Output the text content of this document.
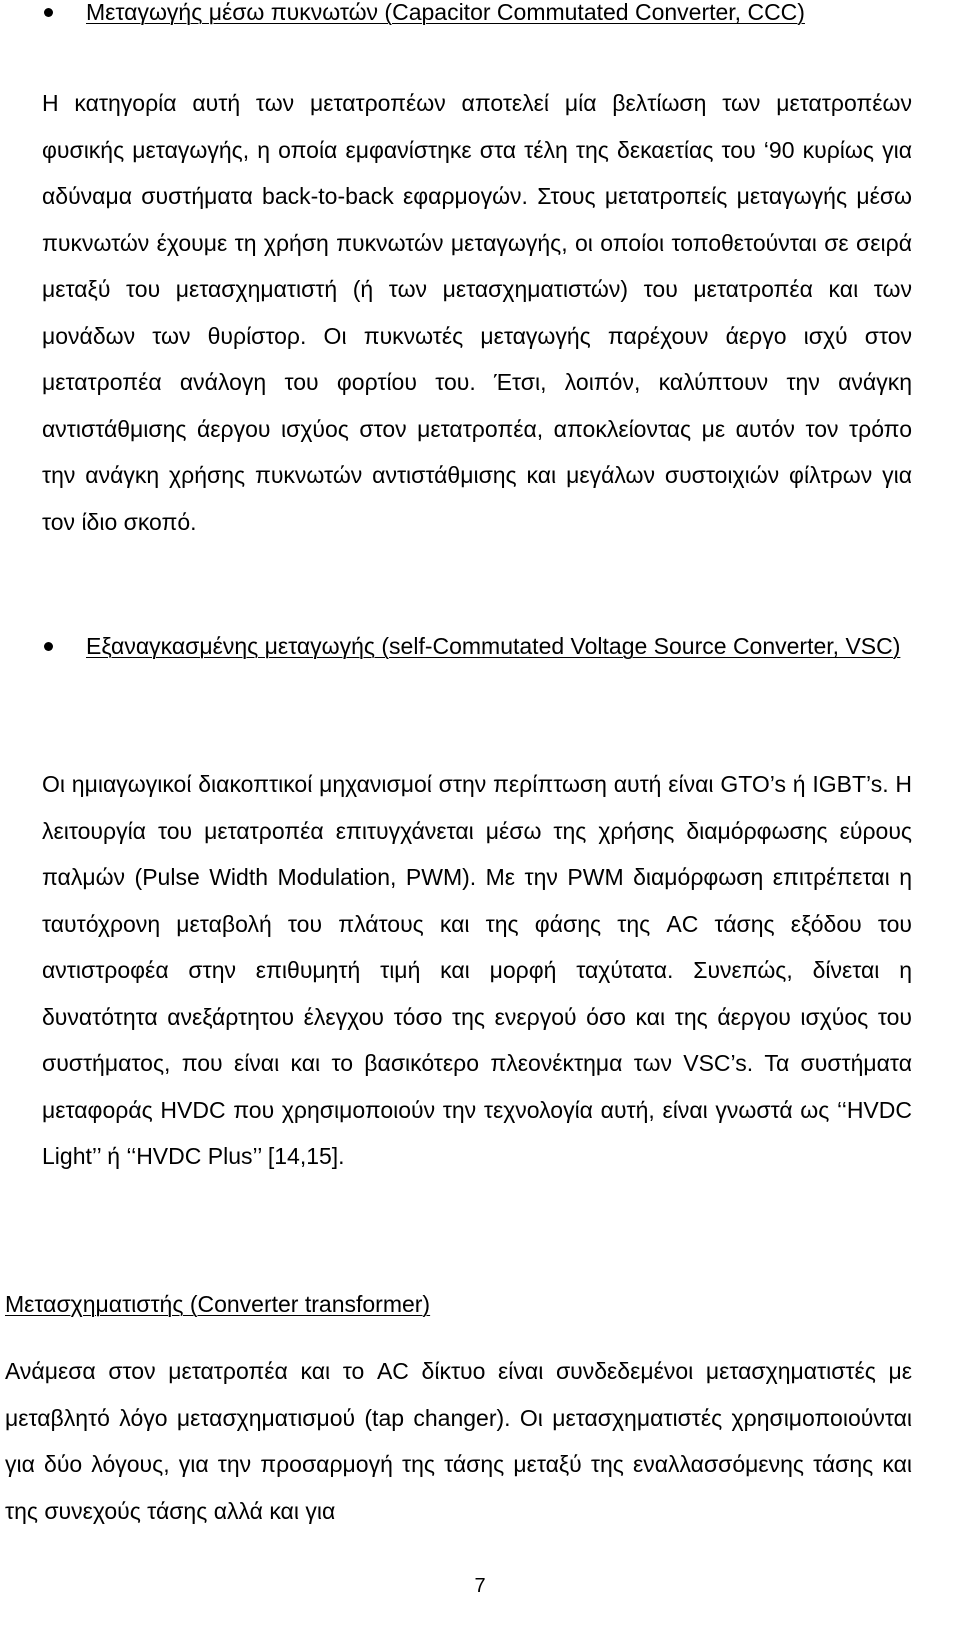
Μεταγωγής μέσω πυκνωτών (Capacitor Commutated Converter, CCC)
Η κατηγορία αυτή των μετατροπέων αποτελεί μία βελτίωση των μετατροπέων φυσικής μεταγωγής, η οποία εμφανίστηκε στα τέλη της δεκαετίας του ‘90 κυρίως για αδύναμα συστήματα back-to-back εφαρμογών. Στους μετατροπείς μεταγωγής μέσω πυκνωτών έχουμε τη χρήση πυκνωτών μεταγωγής, οι οποίοι τοποθετούνται σε σειρά μεταξύ του μετασχηματιστή (ή των μετασχηματιστών) του μετατροπέα και των μονάδων των θυρίστορ. Οι πυκνωτές μεταγωγής παρέχουν άεργο ισχύ στον μετατροπέα ανάλογη του φορτίου του. Έτσι, λοιπόν, καλύπτουν την ανάγκη αντιστάθμισης άεργου ισχύος στον μετατροπέα, αποκλείοντας με αυτόν τον τρόπο την ανάγκη χρήσης πυκνωτών αντιστάθμισης και μεγάλων συστοιχιών φίλτρων για τον ίδιο σκοπό.
Εξαναγκασμένης μεταγωγής (self-Commutated Voltage Source Converter, VSC)
Οι ημιαγωγικοί διακοπτικοί μηχανισμοί στην περίπτωση αυτή είναι GTO’s ή IGBT’s. Η λειτουργία του μετατροπέα επιτυγχάνεται μέσω της χρήσης διαμόρφωσης εύρους παλμών (Pulse Width Modulation, PWM). Με την PWM διαμόρφωση επιτρέπεται η ταυτόχρονη μεταβολή του πλάτους και της φάσης της AC τάσης εξόδου του αντιστροφέα στην επιθυμητή τιμή και μορφή ταχύτατα. Συνεπώς, δίνεται η δυνατότητα ανεξάρτητου έλεγχου τόσο της ενεργού όσο και της άεργου ισχύος του συστήματος, που είναι και το βασικότερο πλεονέκτημα των VSC’s. Τα συστήματα μεταφοράς HVDC που χρησιμοποιούν την τεχνολογία αυτή, είναι γνωστά ως ‘‘HVDC Light’’ ή ‘‘HVDC Plus’’ [14,15].
Μετασχηματιστής (Converter transformer)
Ανάμεσα στον μετατροπέα και το AC δίκτυο είναι συνδεδεμένοι μετασχηματιστές με μεταβλητό λόγο μετασχηματισμού (tap changer). Οι μετασχηματιστές χρησιμοποιούνται για δύο λόγους, για την προσαρμογή της τάσης μεταξύ της εναλλασσόμενης τάσης και της συνεχούς τάσης αλλά και για
7
